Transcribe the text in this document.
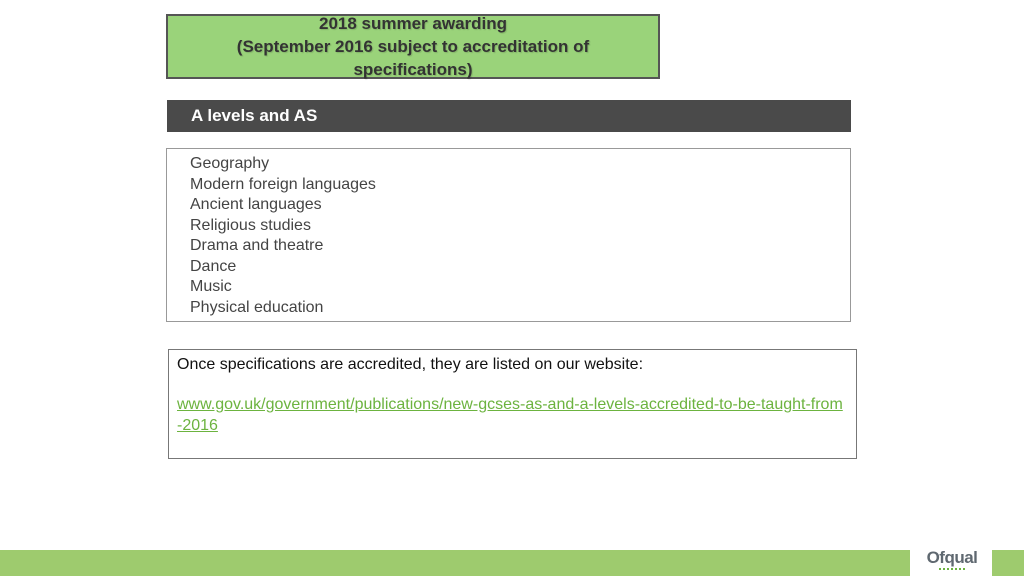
2018 summer awarding
(September 2016 subject to accreditation of
specifications)
A levels and AS
Geography
Modern foreign languages
Ancient languages
Religious studies
Drama and theatre
Dance
Music
Physical education

Once specifications are accredited, they are listed on our website:

www.gov.uk/government/publications/new-gcses-as-and-a-levels-accredited-to-be-taught-from-2016
Ofqual
